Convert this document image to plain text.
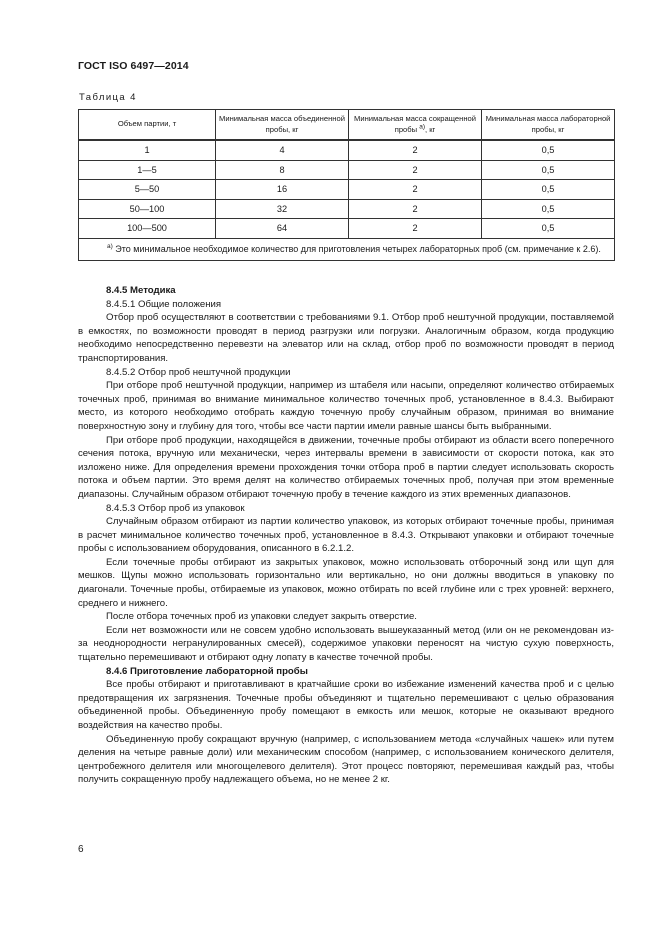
ГОСТ ISO 6497—2014
Таблица 4
Объем партии, т	Минимальная масса объединенной пробы, кг	Минимальная масса сокращенной пробы $^{а)}$, кг	Минимальная масса лабораторной пробы, кг
1	4	2	0,5
1—5	8	2	0,5
5—50	16	2	0,5
50—100	32	2	0,5
100—500	64	2	0,5
$^{а)}$ Это минимальное необходимое количество для приготовления четырех лабораторных проб (см. примечание к 2.6).			

8.4.5 Методика

8.4.5.1 Общие положения

Отбор проб осуществляют в соответствии с требованиями 9.1. Отбор проб нештучной продукции, поставляемой в емкостях, по возможности проводят в период разгрузки или погрузки. Аналогичным образом, когда продукцию необходимо непосредственно перевезти на элеватор или на склад, отбор проб по возможности проводят в период транспортирования.

8.4.5.2 Отбор проб нештучной продукции

При отборе проб нештучной продукции, например из штабеля или насыпи, определяют количество отбираемых точечных проб, принимая во внимание минимальное количество точечных проб, установленное в 8.4.3. Выбирают место, из которого необходимо отобрать каждую точечную пробу случайным образом, принимая во внимание поверхностную зону и глубину для того, чтобы все части партии имели равные шансы быть выбранными.

При отборе проб продукции, находящейся в движении, точечные пробы отбирают из области всего поперечного сечения потока, вручную или механически, через интервалы времени в зависимости от скорости потока, как это изложено ниже. Для определения времени прохождения точки отбора проб в партии следует использовать скорость потока и объем партии. Это время делят на количество отбираемых точечных проб, получая при этом временные диапазоны. Случайным образом отбирают точечную пробу в течение каждого из этих временных диапазонов.

8.4.5.3 Отбор проб из упаковок

Случайным образом отбирают из партии количество упаковок, из которых отбирают точечные пробы, принимая в расчет минимальное количество точечных проб, установленное в 8.4.3. Открывают упаковки и отбирают точечные пробы с использованием оборудования, описанного в 6.2.1.2.

Если точечные пробы отбирают из закрытых упаковок, можно использовать отборочный зонд или щуп для мешков. Щупы можно использовать горизонтально или вертикально, но они должны вводиться в упаковку по диагонали. Точечные пробы, отбираемые из упаковок, можно отбирать по всей глубине или с трех уровней: верхнего, среднего и нижнего.

После отбора точечных проб из упаковки следует закрыть отверстие.

Если нет возможности или не совсем удобно использовать вышеуказанный метод (или он не рекомендован из-за неоднородности негранулированных смесей), содержимое упаковки переносят на чистую сухую поверхность, тщательно перемешивают и отбирают одну лопату в качестве точечной пробы.

8.4.6 Приготовление лабораторной пробы

Все пробы отбирают и приготавливают в кратчайшие сроки во избежание изменений качества проб и с целью предотвращения их загрязнения. Точечные пробы объединяют и тщательно перемешивают с целью образования объединенной пробы. Объединенную пробу помещают в емкость или мешок, которые не оказывают вредного воздействия на качество пробы.

Объединенную пробу сокращают вручную (например, с использованием метода «случайных чашек» или путем деления на четыре равные доли) или механическим способом (например, с использованием конического делителя, центробежного делителя или многощелевого делителя). Этот процесс повторяют, перемешивая каждый раз, чтобы получить сокращенную пробу надлежащего объема, но не менее 2 кг.

6
